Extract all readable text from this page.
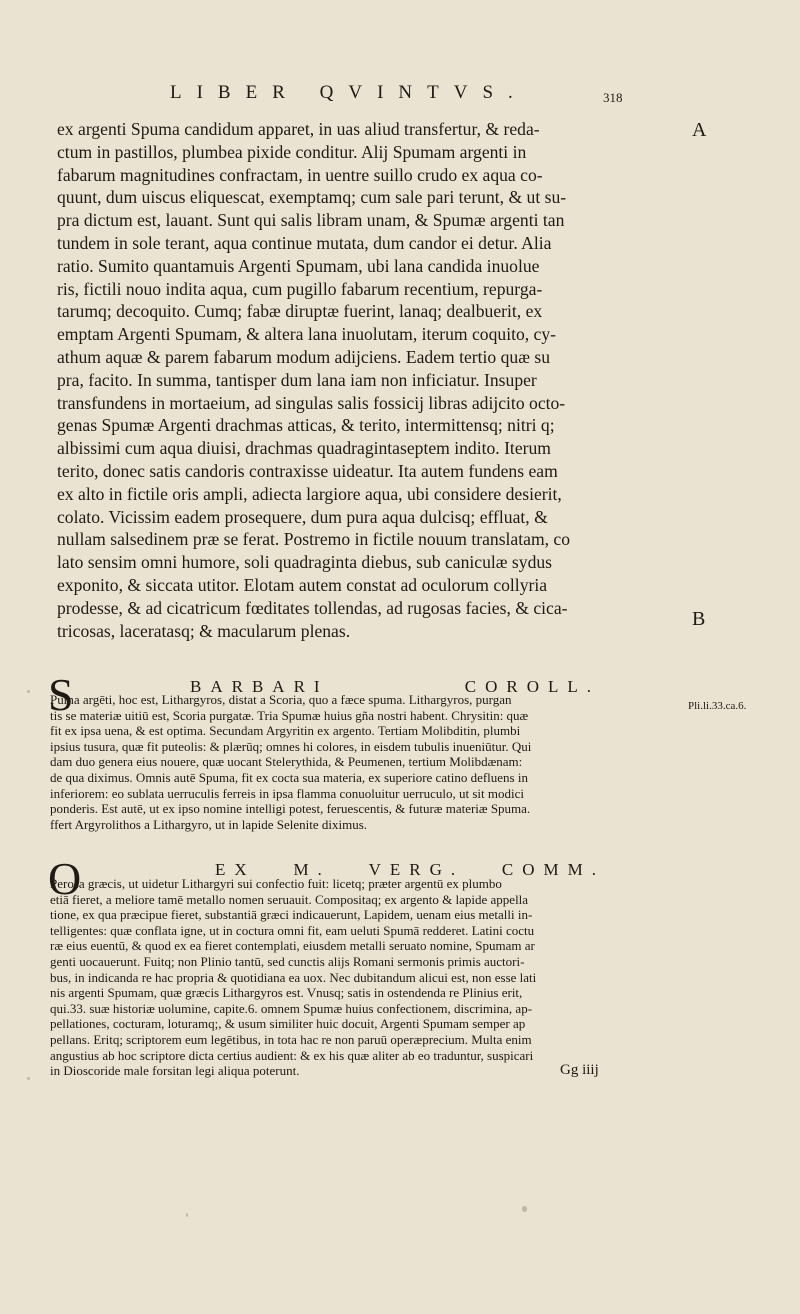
LIBER QVINTVS.	318
A
B
Pli.li.33.ca.6.
ex argenti Spuma candidum apparet, in uas aliud transfertur, & reda-
ctum in pastillos, plumbea pixide conditur. Alij Spumam argenti in
fabarum magnitudines confractam, in uentre suillo crudo ex aqua co-
quunt, dum uiscus eliquescat, exemptamq; cum sale pari terunt, & ut su-
pra dictum est, lauant. Sunt qui salis libram unam, & Spumæ argenti tan
tundem in sole terant, aqua continue mutata, dum candor ei detur. Alia
ratio. Sumito quantamuis Argenti Spumam, ubi lana candida inuolue
ris, fictili nouo indita aqua, cum pugillo fabarum recentium, repurga-
tarumq; decoquito. Cumq; fabæ diruptæ fuerint, lanaq; dealbuerit, ex
emptam Argenti Spumam, & altera lana inuolutam, iterum coquito, cy-
athum aquæ & parem fabarum modum adijciens. Eadem tertio quæ su
pra, facito. In summa, tantisper dum lana iam non inficiatur. Insuper
transfundens in mortaeium, ad singulas salis fossicij libras adijcito octo-
genas Spumæ Argenti drachmas atticas, & terito, intermittensq; nitri q;
albissimi cum aqua diuisi, drachmas quadragintaseptem indito. Iterum
terito, donec satis candoris contraxisse uideatur. Ita autem fundens eam
ex alto in fictile oris ampli, adiecta largiore aqua, ubi considere desierit,
colato. Vicissim eadem prosequere, dum pura aqua dulcisq; effluat, &
nullam salsedinem præ se ferat. Postremo in fictile nouum translatam, co
lato sensim omni humore, soli quadraginta diebus, sub caniculæ sydus
exponito, & siccata utitor. Elotam autem constat ad oculorum collyria
prodesse, & ad cicatricum fœditates tollendas, ad rugosas facies, & cica-
tricosas, laceratasq; & macularum plenas.
S	BARBARI	COROLL.
Puma argēti, hoc est, Lithargyros, distat a Scoria, quo a fæce spuma. Lithargyros, purgan
tis se materiæ uitiū est, Scoria purgatæ. Tria Spumæ huius gña nostri habent. Chrysitin: quæ
fit ex ipsa uena, & est optima. Secundam Argyritin ex argento. Tertiam Molibditin, plumbi
ipsius tusura, quæ fit puteolis: & plærūq; omnes hi colores, in eisdem tubulis inueniūtur. Qui
dam duo genera eius nouere, quæ uocant Stelerythida, & Peumenen, tertium Molibdænam:
de qua diximus. Omnis autē Spuma, fit ex cocta sua materia, ex superiore catino defluens in
inferiorem: eo sublata uerruculis ferreis in ipsa flamma conuoluitur uerruculo, ut sit modici
ponderis. Est autē, ut ex ipso nomine intelligi potest, feruescentis, & futuræ materiæ Spuma.
ffert Argyrolithos a Lithargyro, ut in lapide Selenite diximus.
O	EX M. VERG. COMM.
Perosa græcis, ut uidetur Lithargyri sui confectio fuit: licetq; præter argentū ex plumbo
etiā fieret, a meliore tamē metallo nomen seruauit. Compositaq; ex argento & lapide appella
tione, ex qua præcipue fieret, substantiā græci indicauerunt, Lapidem, uenam eius metalli in-
telligentes: quæ conflata igne, ut in coctura omni fit, eam ueluti Spumā redderet. Latini coctu
ræ eius euentū, & quod ex ea fieret contemplati, eiusdem metalli seruato nomine, Spumam ar
genti uocauerunt. Fuitq; non Plinio tantū, sed cunctis alijs Romani sermonis primis auctori-
bus, in indicanda re hac propria & quotidiana ea uox. Nec dubitandum alicui est, non esse lati
nis argenti Spumam, quæ græcis Lithargyros est. Vnusq; satis in ostendenda re Plinius erit,
qui.33. suæ historiæ uolumine, capite.6. omnem Spumæ huius confectionem, discrimina, ap-
pellationes, cocturam, loturamq;, & usum similiter huic docuit, Argenti Spumam semper ap
pellans. Eritq; scriptorem eum legētibus, in tota hac re non paruū operæprecium. Multa enim
angustius ab hoc scriptore dicta certius audient: & ex his quæ aliter ab eo traduntur, suspicari
in Dioscoride male forsitan legi aliqua poterunt.	Gg iiij
